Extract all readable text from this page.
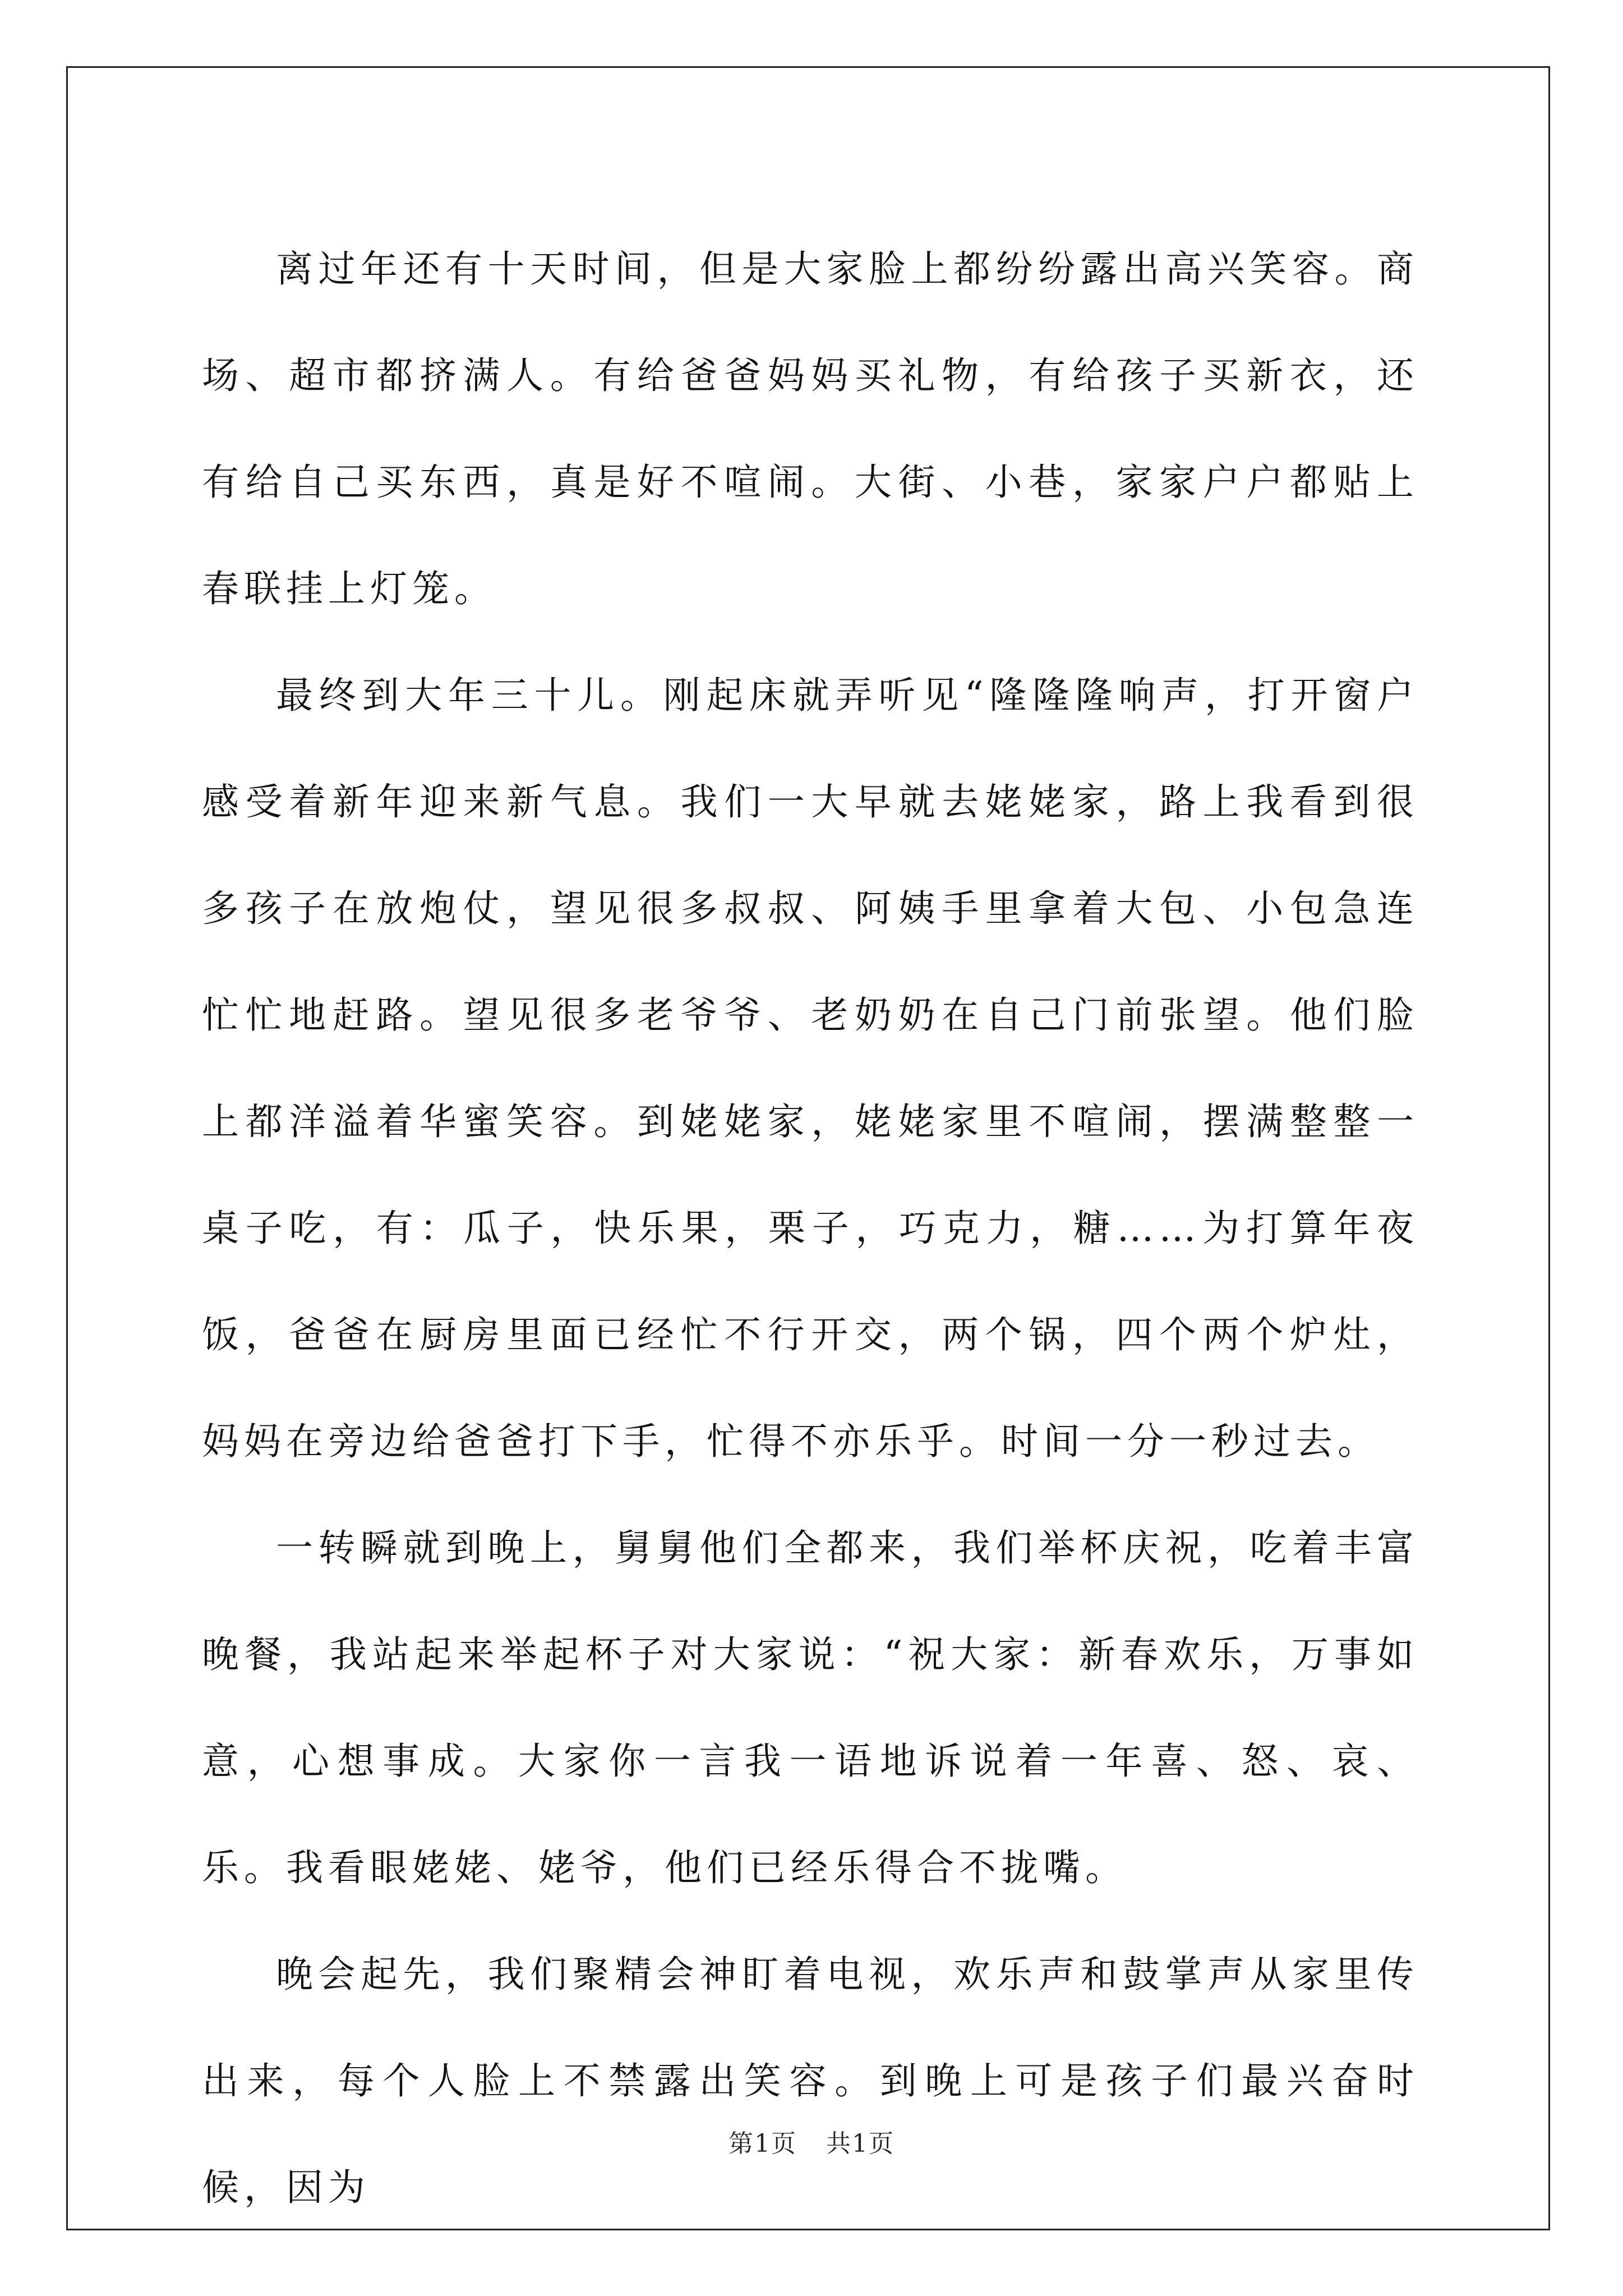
离过年还有十天时间，但是大家脸上都纷纷露出高兴笑容。商场、超市都挤满人。有给爸爸妈妈买礼物，有给孩子买新衣，还有给自己买东西，真是好不喧闹。大街、小巷，家家户户都贴上春联挂上灯笼。

最终到大年三十儿。刚起床就弄听见“隆隆隆响声，打开窗户感受着新年迎来新气息。我们一大早就去姥姥家，路上我看到很多孩子在放炮仗，望见很多叔叔、阿姨手里拿着大包、小包急连忙忙地赶路。望见很多老爷爷、老奶奶在自己门前张望。他们脸上都洋溢着华蜜笑容。到姥姥家，姥姥家里不喧闹，摆满整整一桌子吃，有：瓜子，快乐果，栗子，巧克力，糖……为打算年夜饭，爸爸在厨房里面已经忙不行开交，两个锅，四个两个炉灶，妈妈在旁边给爸爸打下手，忙得不亦乐乎。时间一分一秒过去。

一转瞬就到晚上，舅舅他们全都来，我们举杯庆祝，吃着丰富晚餐，我站起来举起杯子对大家说：“祝大家：新春欢乐，万事如意，心想事成。大家你一言我一语地诉说着一年喜、怒、哀、乐。我看眼姥姥、姥爷，他们已经乐得合不拢嘴。

晚会起先，我们聚精会神盯着电视，欢乐声和鼓掌声从家里传出来，每个人脸上不禁露出笑容。到晚上可是孩子们最兴奋时候，因为

第1页 共1页
